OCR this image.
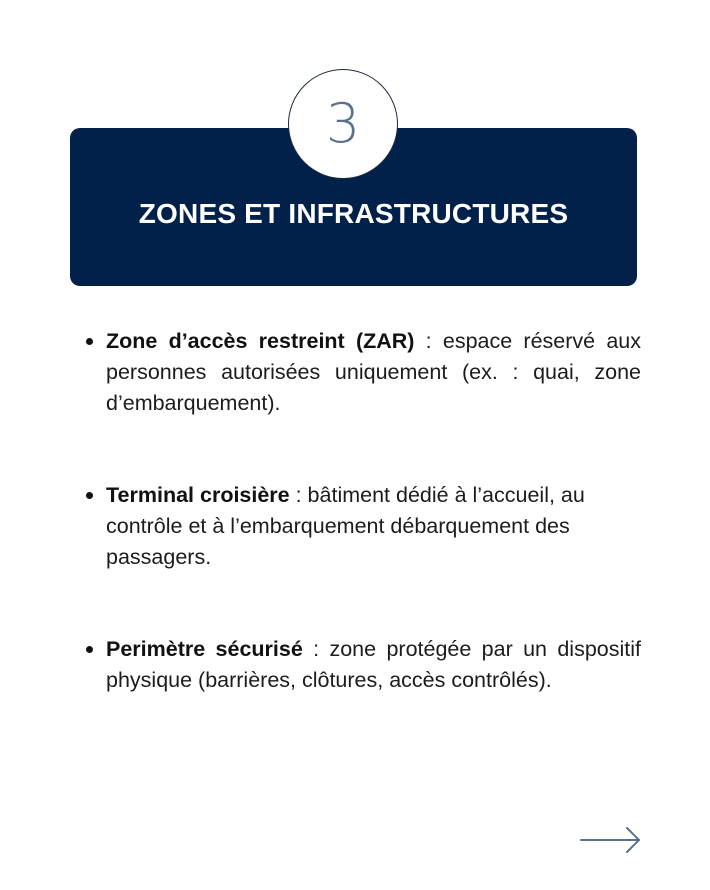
ZONES ET INFRASTRUCTURES
3
Zone d’accès restreint (ZAR) : espace réservé aux personnes autorisées uniquement (ex. : quai, zone d’embarquement).
Terminal croisière : bâtiment dédié à l’accueil, au contrôle et à l’embarquement débarquement des passagers.
Perimètre sécurisé : zone protégée par un dispositif physique (barrières, clôtures, accès contrôlés).
